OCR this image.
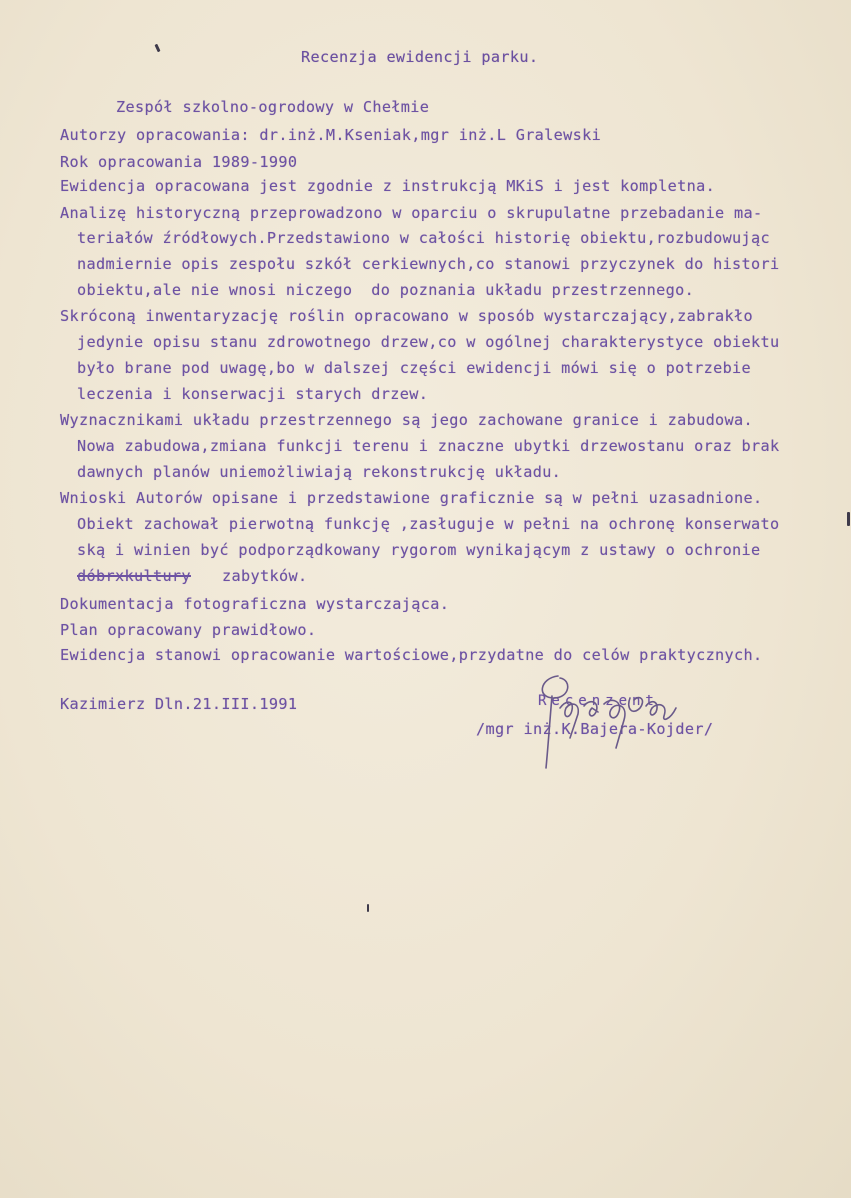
Recenzja ewidencji parku.
Zespół szkolno-ogrodowy w Chełmie
Autorzy opracowania: dr.inż.M.Kseniak,mgr inż.L Gralewski
Rok opracowania 1989-1990
Ewidencja opracowana jest zgodnie z instrukcją MKiS i jest kompletna.
Analizę historyczną przeprowadzono w oparciu o skrupulatne przebadanie ma-
teriałów źródłowych.Przedstawiono w całości historię obiektu,rozbudowując
nadmiernie opis zespołu szkół cerkiewnych,co stanowi przyczynek do histori
obiektu,ale nie wnosi niczego  do poznania układu przestrzennego.
Skróconą inwentaryzację roślin opracowano w sposób wystarczający,zabrakło
jedynie opisu stanu zdrowotnego drzew,co w ogólnej charakterystyce obiektu
było brane pod uwagę,bo w dalszej części ewidencji mówi się o potrzebie
leczenia i konserwacji starych drzew.
Wyznacznikami układu przestrzennego są jego zachowane granice i zabudowa.
Nowa zabudowa,zmiana funkcji terenu i znaczne ubytki drzewostanu oraz brak
dawnych planów uniemożliwiają rekonstrukcję układu.
Wnioski Autorów opisane i przedstawione graficznie są w pełni uzasadnione.
Obiekt zachował pierwotną funkcję ,zasługuje w pełni na ochronę konserwato
ską i winien być podporządkowany rygorom wynikającym z ustawy o ochronie
dóbrxkultury zabytków.
Dokumentacja fotograficzna wystarczająca.
Plan opracowany prawidłowo.
Ewidencja stanowi opracowanie wartościowe,przydatne do celów praktycznych.
Kazimierz Dln.21.III.1991	Recenzent
/mgr inż.K.Bajera-Kojder/
